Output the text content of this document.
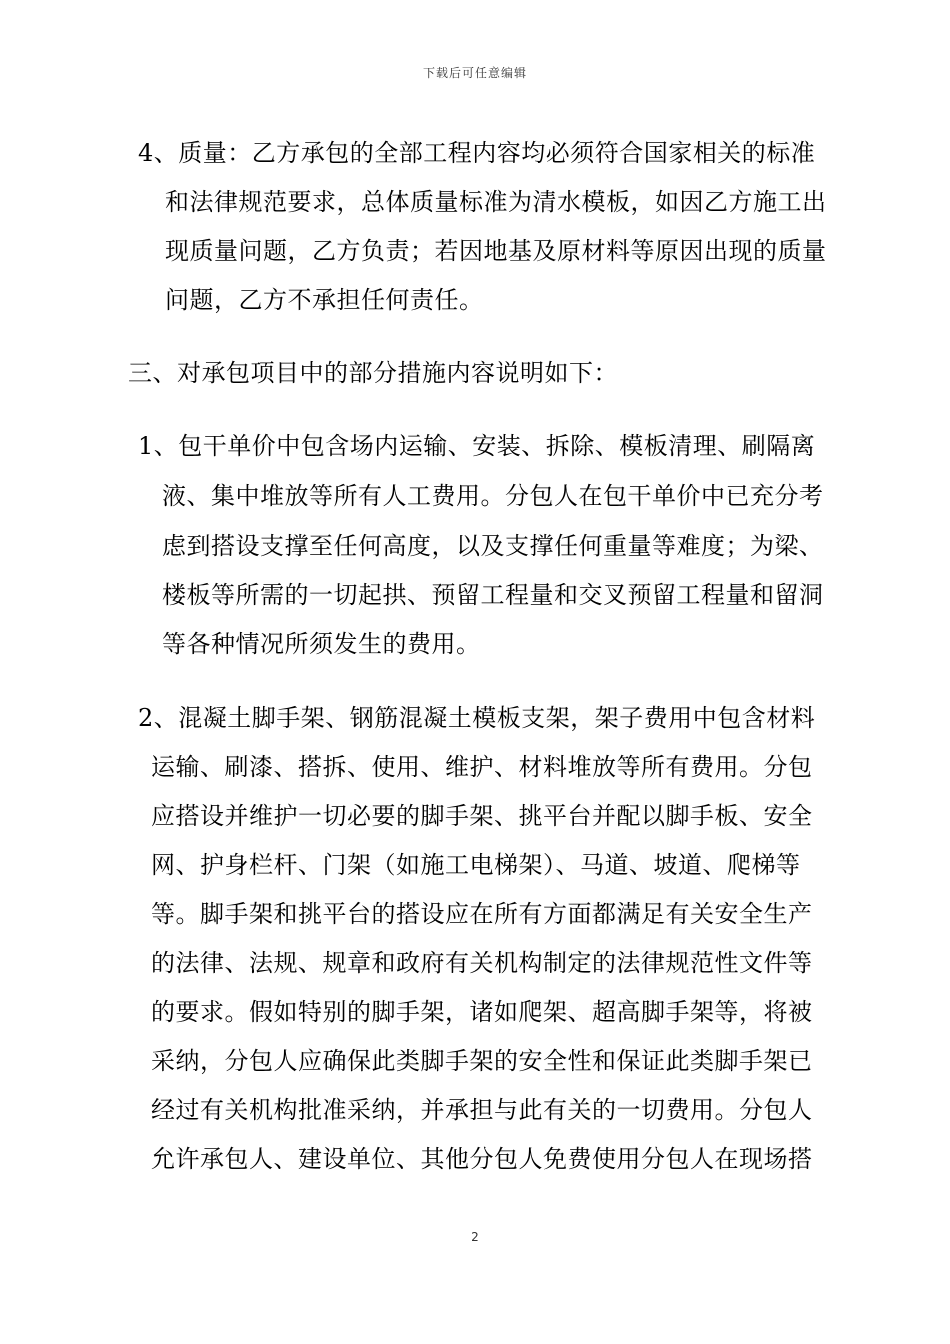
下载后可任意编辑
4、质量：乙方承包的全部工程内容均必须符合国家相关的标准
和法律规范要求，总体质量标准为清水模板，如因乙方施工出
现质量问题，乙方负责；若因地基及原材料等原因出现的质量
问题，乙方不承担任何责任。
三、对承包项目中的部分措施内容说明如下：
1、包干单价中包含场内运输、安装、拆除、模板清理、刷隔离
液、集中堆放等所有人工费用。分包人在包干单价中已充分考
虑到搭设支撑至任何高度，以及支撑任何重量等难度；为梁、
楼板等所需的一切起拱、预留工程量和交叉预留工程量和留洞
等各种情况所须发生的费用。
2、混凝土脚手架、钢筋混凝土模板支架，架子费用中包含材料
运输、刷漆、搭拆、使用、维护、材料堆放等所有费用。分包
应搭设并维护一切必要的脚手架、挑平台并配以脚手板、安全
网、护身栏杆、门架（如施工电梯架）、马道、坡道、爬梯等
等。脚手架和挑平台的搭设应在所有方面都满足有关安全生产
的法律、法规、规章和政府有关机构制定的法律规范性文件等
的要求。假如特别的脚手架，诸如爬架、超高脚手架等，将被
采纳，分包人应确保此类脚手架的安全性和保证此类脚手架已
经过有关机构批准采纳，并承担与此有关的一切费用。分包人
允许承包人、建设单位、其他分包人免费使用分包人在现场搭
2
